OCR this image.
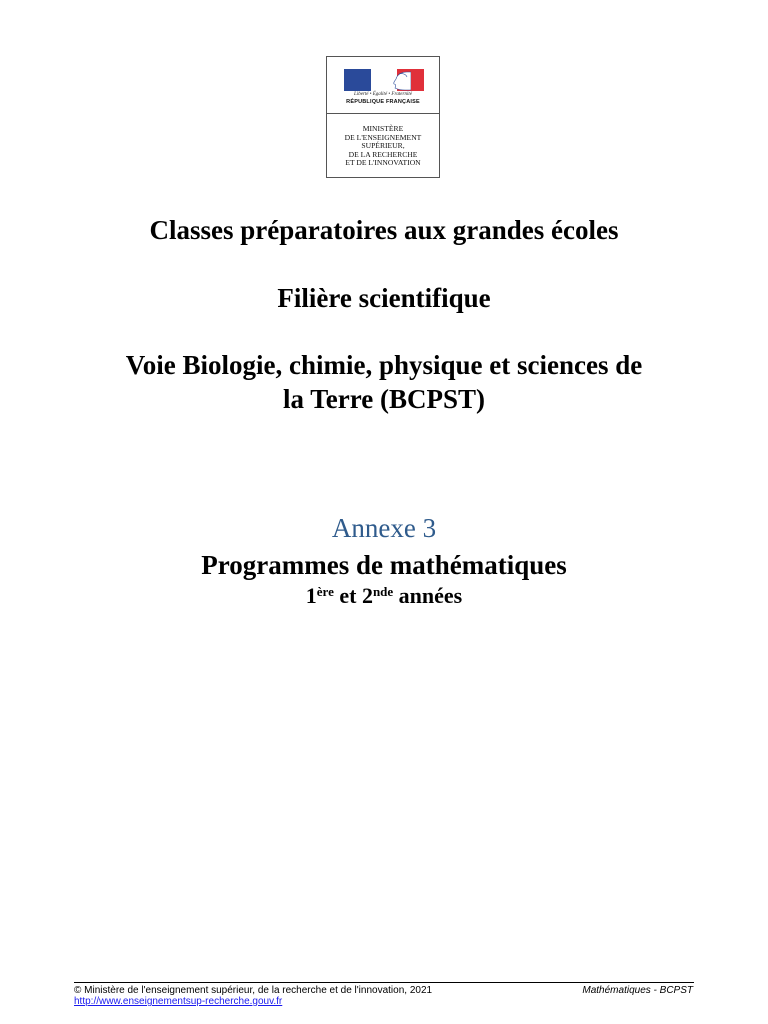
Liberté • Égalité • Fraternité
RÉPUBLIQUE FRANÇAISE
MINISTÈRE
DE L'ENSEIGNEMENT
SUPÉRIEUR,
DE LA RECHERCHE
ET DE L'INNOVATION
Classes préparatoires aux grandes écoles
Filière scientifique
Voie Biologie, chimie, physique et sciences de
la Terre (BCPST)
Annexe 3
Programmes de mathématiques
1ère et 2nde années
© Ministère de l'enseignement supérieur, de la recherche et de l'innovation, 2021
http://www.enseignementsup-recherche.gouv.fr
Mathématiques - BCPST
